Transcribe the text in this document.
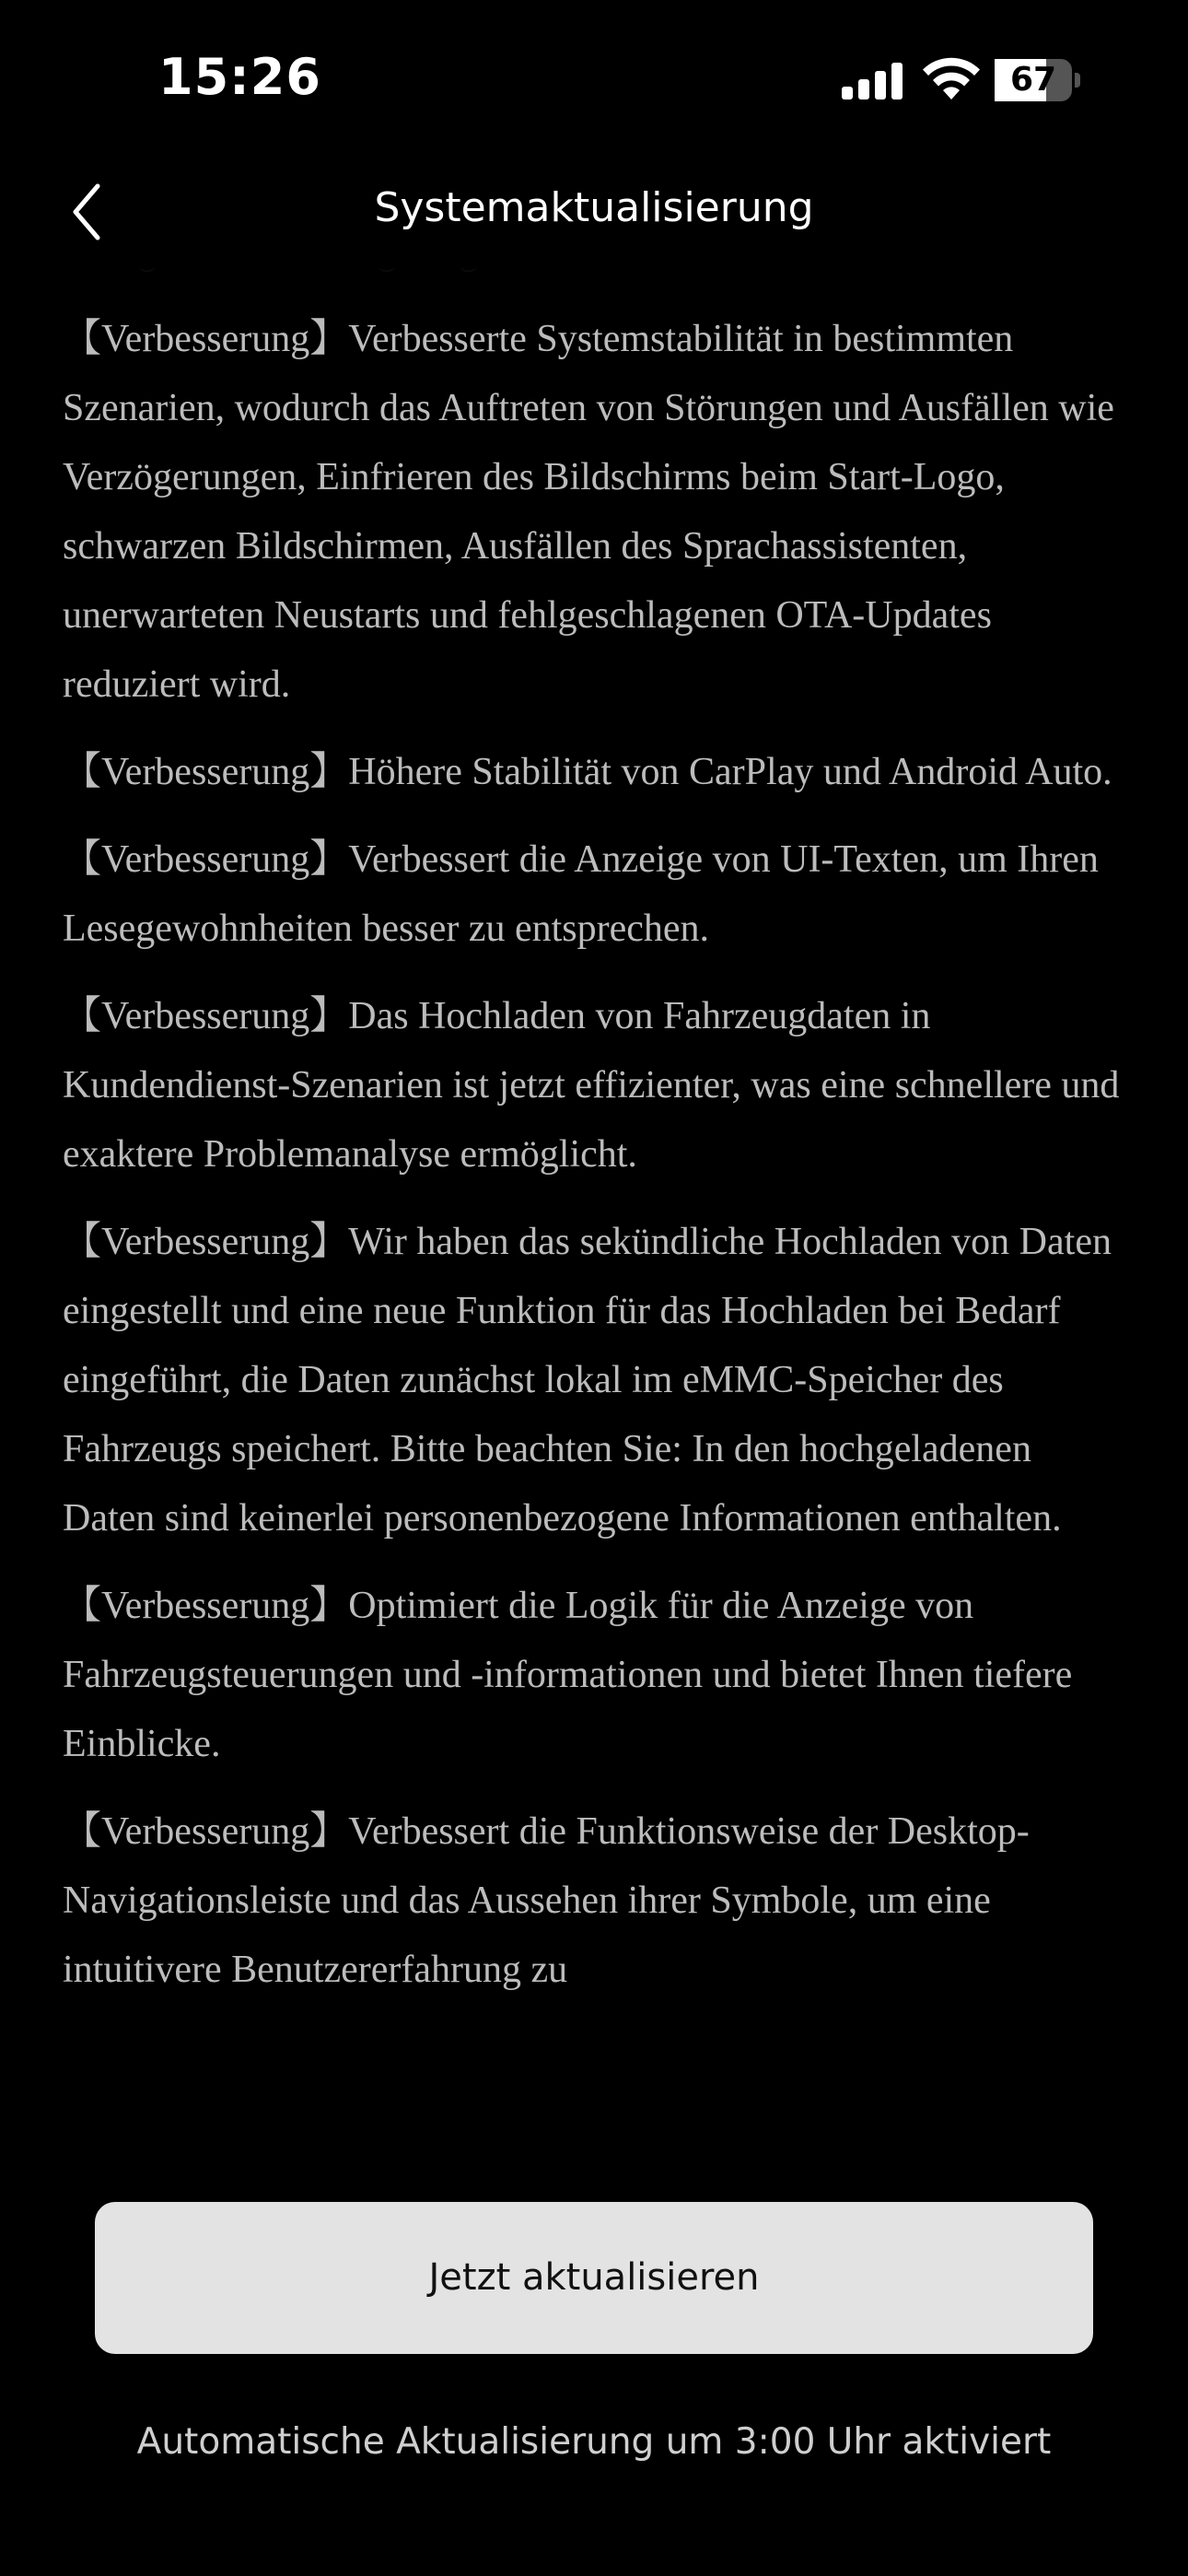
15:26	67
Systemaktualisierung

【Verbesserung】Verbesserte Systemstabilität in bestimmten Szenarien, wodurch das Auftreten von Störungen und Ausfällen wie Verzögerungen, Einfrieren des Bildschirms beim Start-Logo, schwarzen Bildschirmen, Ausfällen des Sprachassistenten, unerwarteten Neustarts und fehlgeschlagenen OTA-Updates reduziert wird.

【Verbesserung】Höhere Stabilität von CarPlay und Android Auto.

【Verbesserung】Verbessert die Anzeige von UI-Texten, um Ihren Lesegewohnheiten besser zu entsprechen.

【Verbesserung】Das Hochladen von Fahrzeugdaten in Kundendienst-Szenarien ist jetzt effizienter, was eine schnellere und exaktere Problemanalyse ermöglicht.

【Verbesserung】Wir haben das sekündliche Hochladen von Daten eingestellt und eine neue Funktion für das Hochladen bei Bedarf eingeführt, die Daten zunächst lokal im eMMC-Speicher des Fahrzeugs speichert. Bitte beachten Sie: In den hochgeladenen Daten sind keinerlei personenbezogene Informationen enthalten.

【Verbesserung】Optimiert die Logik für die Anzeige von Fahrzeugsteuerungen und -informationen und bietet Ihnen tiefere Einblicke.

【Verbesserung】Verbessert die Funktionsweise der Desktop-Navigationsleiste und das Aussehen ihrer Symbole, um eine intuitivere Benutzererfahrung zu

Jetzt aktualisieren
Automatische Aktualisierung um 3:00 Uhr aktiviert
